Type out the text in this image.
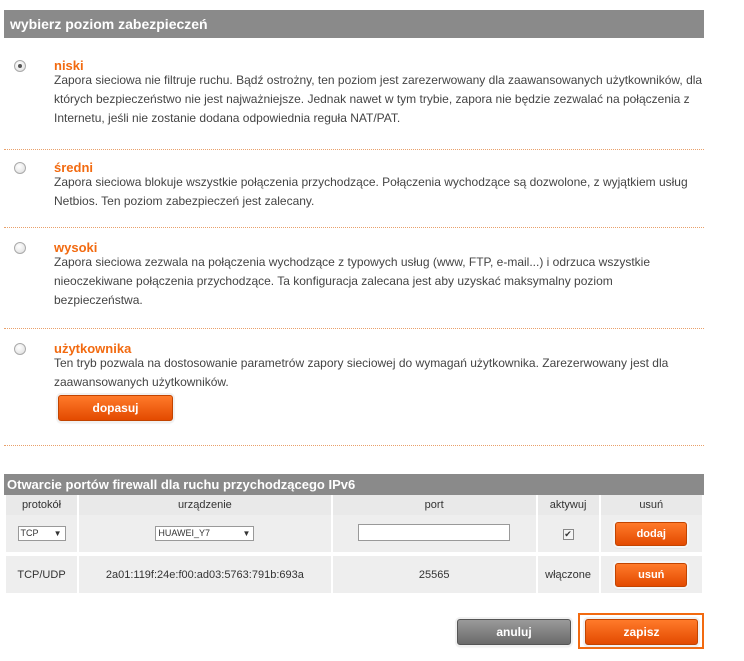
wybierz poziom zabezpieczeń
niski
Zapora sieciowa nie filtruje ruchu. Bądź ostrożny, ten poziom jest zarezerwowany dla zaawansowanych użytkowników, dla których bezpieczeństwo nie jest najważniejsze. Jednak nawet w tym trybie, zapora nie będzie zezwalać na połączenia z Internetu, jeśli nie zostanie dodana odpowiednia reguła NAT/PAT.
średni
Zapora sieciowa blokuje wszystkie połączenia przychodzące. Połączenia wychodzące są dozwolone, z wyjątkiem usług Netbios. Ten poziom zabezpieczeń jest zalecany.
wysoki
Zapora sieciowa zezwala na połączenia wychodzące z typowych usług (www, FTP, e-mail...) i odrzuca wszystkie nieoczekiwane połączenia przychodzące. Ta konfiguracja zalecana jest aby uzyskać maksymalny poziom bezpieczeństwa.
użytkownika
Ten tryb pozwala na dostosowanie parametrów zapory sieciowej do wymagań użytkownika. Zarezerwowany jest dla zaawansowanych użytkowników.
dopasuj
Otwarcie portów firewall dla ruchu przychodzącego IPv6
protokół	urządzenie	port	aktywuj	usuń
TCP ▼	HUAWEI_Y7 ▼		✔	dodaj

TCP/UDP	2a01:119f:24e:f00:ad03:5763:791b:693a	25565	włączone	usuń
anuluj	zapisz
